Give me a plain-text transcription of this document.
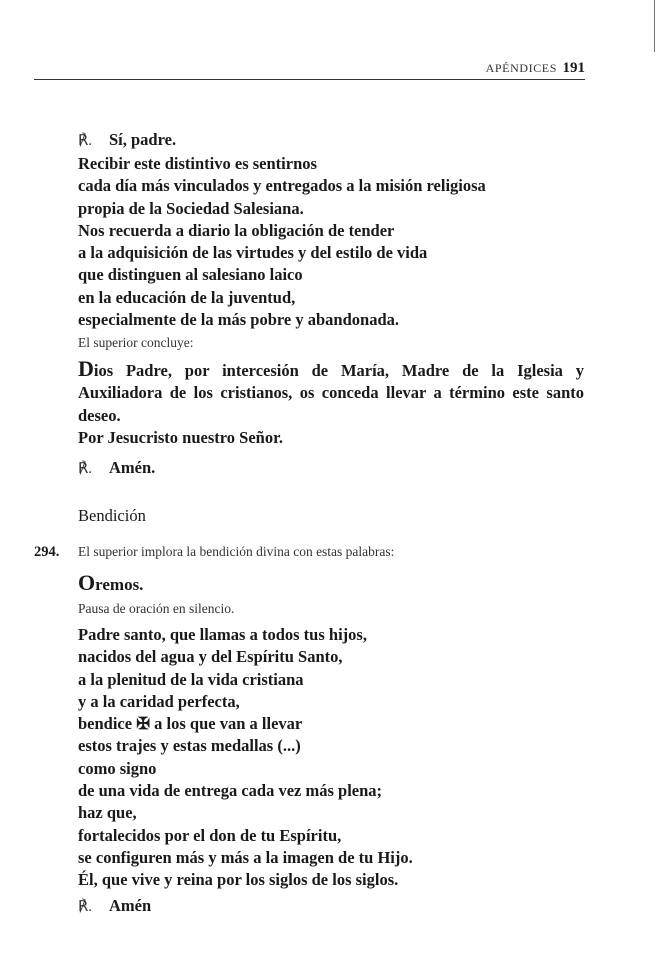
APÉNDICES 191
℟.	Sí, padre.
Recibir este distintivo es sentirnos
cada día más vinculados y entregados a la misión religiosa
propia de la Sociedad Salesiana.
Nos recuerda a diario la obligación de tender
a la adquisición de las virtudes y del estilo de vida
que distinguen al salesiano laico
en la educación de la juventud,
especialmente de la más pobre y abandonada.
El superior concluye:
Dios Padre, por intercesión de María, Madre de la Iglesia y Auxiliadora de los cristianos, os conceda llevar a término este santo deseo.
Por Jesucristo nuestro Señor.
℟.	Amén.
Bendición
294. El superior implora la bendición divina con estas palabras:
Oremos.
Pausa de oración en silencio.
Padre santo, que llamas a todos tus hijos,
nacidos del agua y del Espíritu Santo,
a la plenitud de la vida cristiana
y a la caridad perfecta,
bendice ✠ a los que van a llevar
estos trajes y estas medallas (...)
como signo
de una vida de entrega cada vez más plena;
haz que,
fortalecidos por el don de tu Espíritu,
se configuren más y más a la imagen de tu Hijo.
Él, que vive y reina por los siglos de los siglos.
℟.	Amén
